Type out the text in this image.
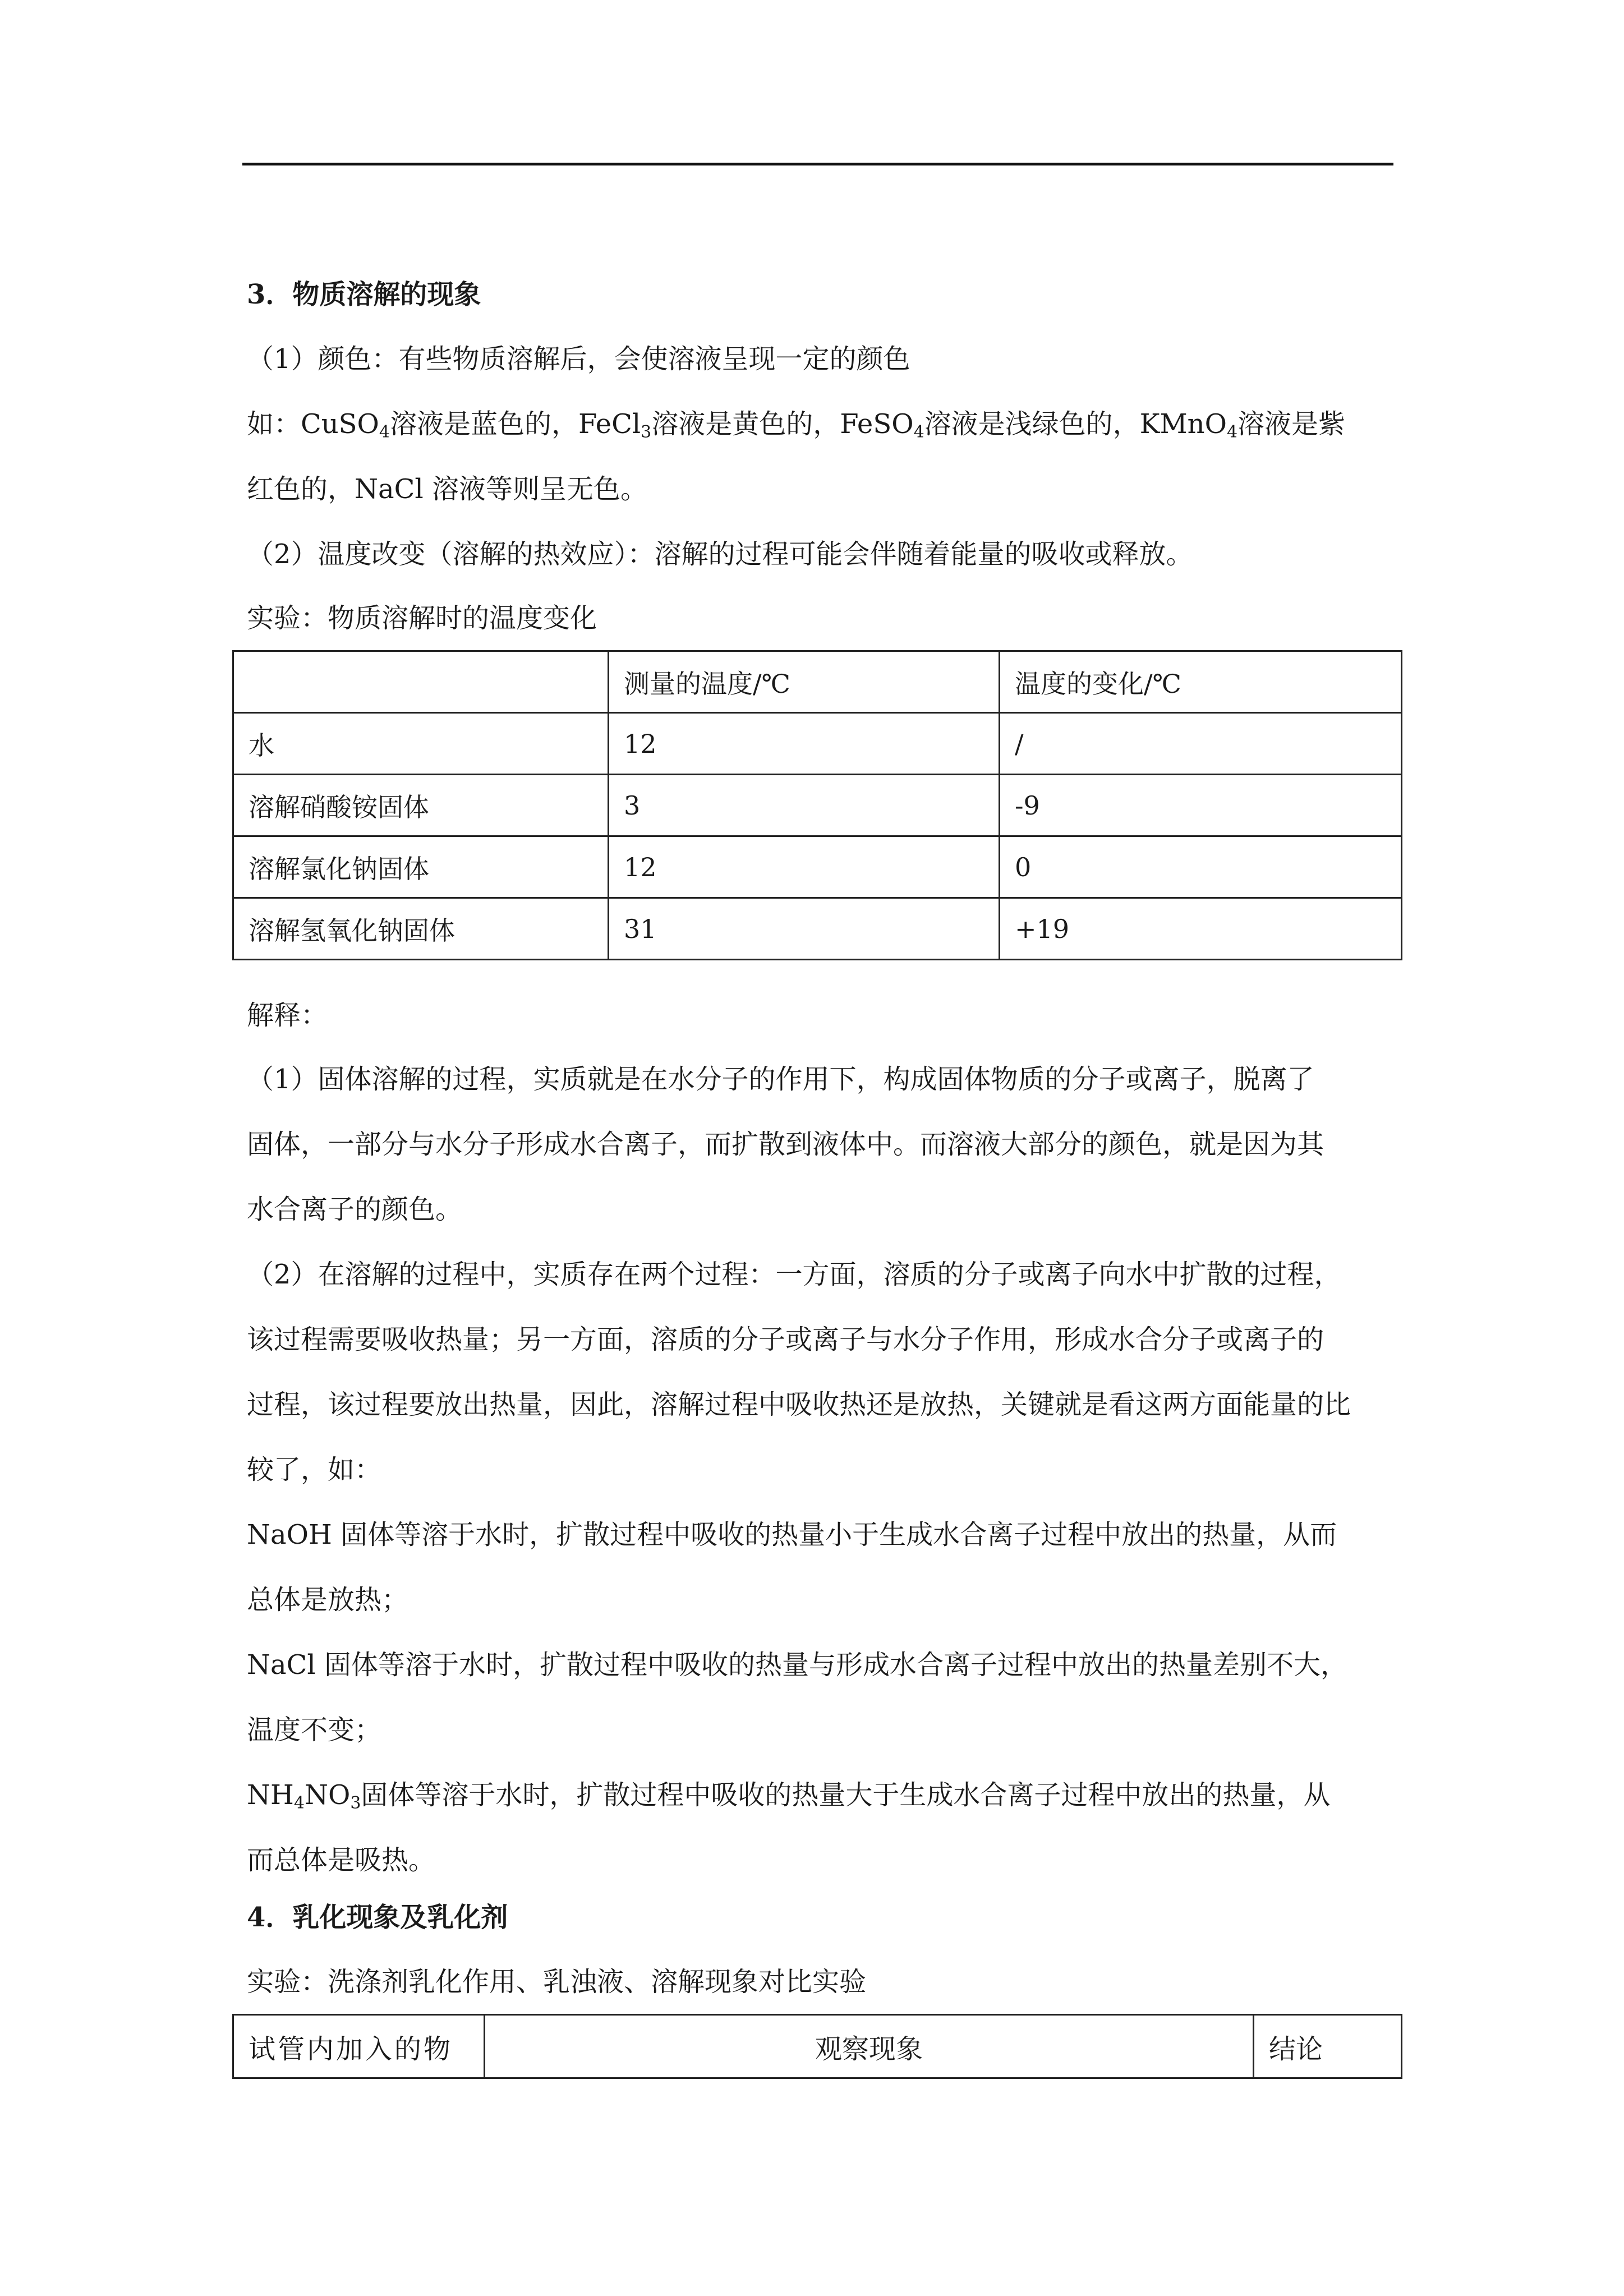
3．物质溶解的现象
（1）颜色：有些物质溶解后，会使溶液呈现一定的颜色
如：CuSO$_4$溶液是蓝色的，FeCl$_3$溶液是黄色的，FeSO$_4$溶液是浅绿色的，KMnO$_4$溶液是紫
红色的，NaCl 溶液等则呈无色。
（2）温度改变（溶解的热效应）：溶解的过程可能会伴随着能量的吸收或释放。
实验：物质溶解时的温度变化
	测量的温度/℃	温度的变化/℃
水	12	/
溶解硝酸铵固体	3	-9
溶解氯化钠固体	12	0
溶解氢氧化钠固体	31	+19
解释：
（1）固体溶解的过程，实质就是在水分子的作用下，构成固体物质的分子或离子，脱离了
固体，一部分与水分子形成水合离子，而扩散到液体中。而溶液大部分的颜色，就是因为其
水合离子的颜色。
（2）在溶解的过程中，实质存在两个过程：一方面，溶质的分子或离子向水中扩散的过程，
该过程需要吸收热量；另一方面，溶质的分子或离子与水分子作用，形成水合分子或离子的
过程，该过程要放出热量，因此，溶解过程中吸收热还是放热，关键就是看这两方面能量的比
较了，如：
NaOH 固体等溶于水时，扩散过程中吸收的热量小于生成水合离子过程中放出的热量，从而
总体是放热；
NaCl 固体等溶于水时，扩散过程中吸收的热量与形成水合离子过程中放出的热量差别不大，
温度不变；
$NH_4NO_3$固体等溶于水时，扩散过程中吸收的热量大于生成水合离子过程中放出的热量，从
而总体是吸热。
4．乳化现象及乳化剂
实验：洗涤剂乳化作用、乳浊液、溶解现象对比实验
试管内加入的物	观察现象	结论
